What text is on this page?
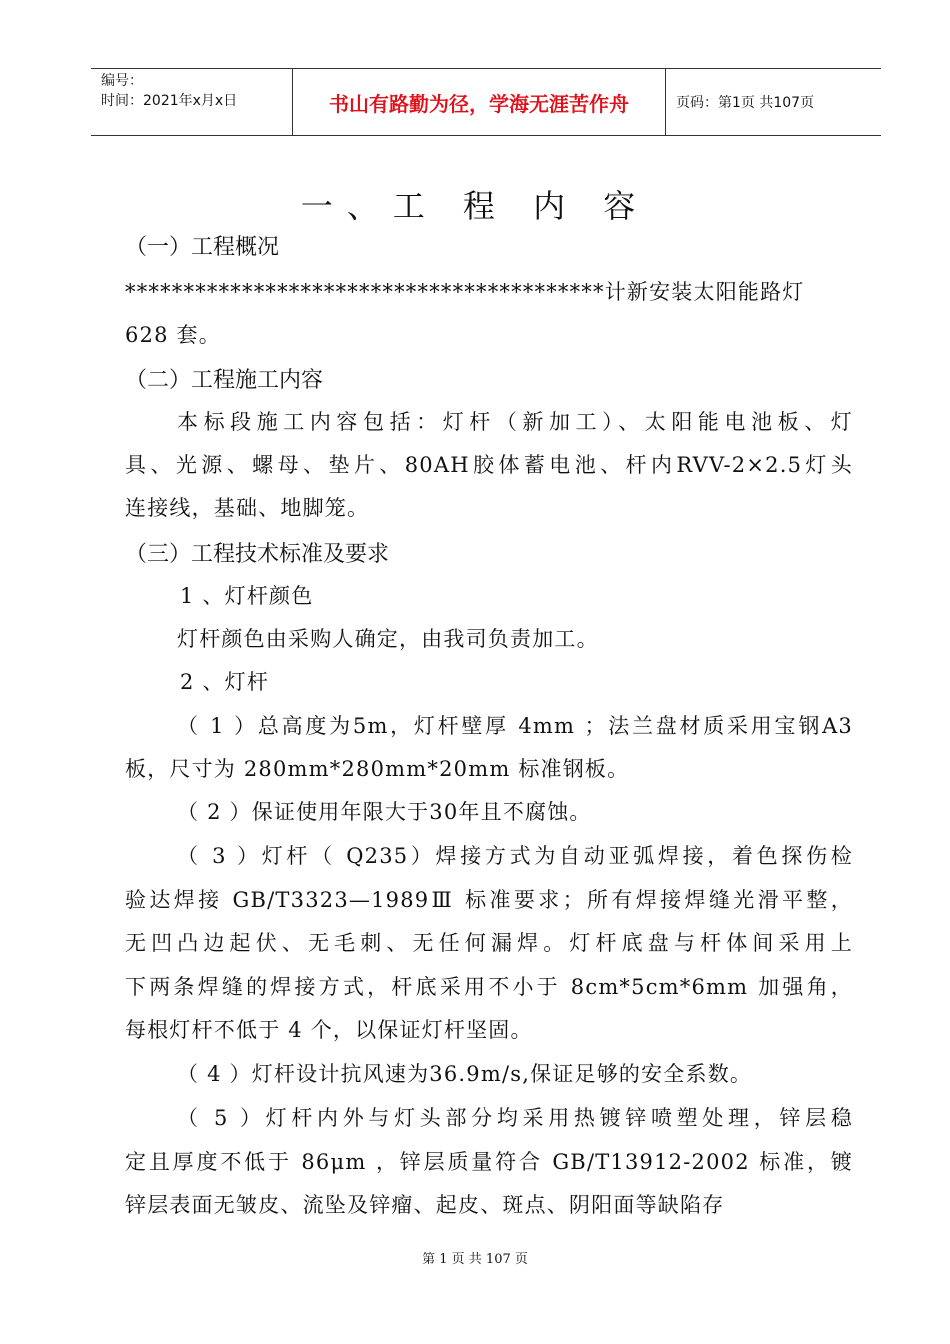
编号：
时间：2021年x月x日	书山有路勤为径，学海无涯苦作舟	页码：第1页 共107页
一、工 程 内 容
（一）工程概况
*****************************************计新安装太阳能路灯
628 套。
（二）工程施工内容
本标段施工内容包括：灯杆（新加工）、太阳能电池板、灯
具、光源、螺母、垫片、80AH胶体蓄电池、杆内RVV-2×2.5灯头
连接线，基础、地脚笼。
（三）工程技术标准及要求
1 、灯杆颜色
灯杆颜色由采购人确定，由我司负责加工。
2 、灯杆
（ 1 ）总高度为5m，灯杆壁厚 4mm ；法兰盘材质采用宝钢A3
板，尺寸为 280mm*280mm*20mm 标准钢板。
（ 2 ）保证使用年限大于30年且不腐蚀。
（ 3 ）灯杆（ Q235）焊接方式为自动亚弧焊接，着色探伤检
验达焊接 GB/T3323—1989Ⅲ 标准要求；所有焊接焊缝光滑平整，
无凹凸边起伏、无毛刺、无任何漏焊。灯杆底盘与杆体间采用上
下两条焊缝的焊接方式，杆底采用不小于 8cm*5cm*6mm 加强角，
每根灯杆不低于 4 个，以保证灯杆坚固。
（ 4 ）灯杆设计抗风速为36.9m/s,保证足够的安全系数。
（ 5 ）灯杆内外与灯头部分均采用热镀锌喷塑处理，锌层稳
定且厚度不低于 86μm ，锌层质量符合 GB/T13912-2002 标准，镀
锌层表面无皱皮、流坠及锌瘤、起皮、斑点、阴阳面等缺陷存
第 1 页 共 107 页
